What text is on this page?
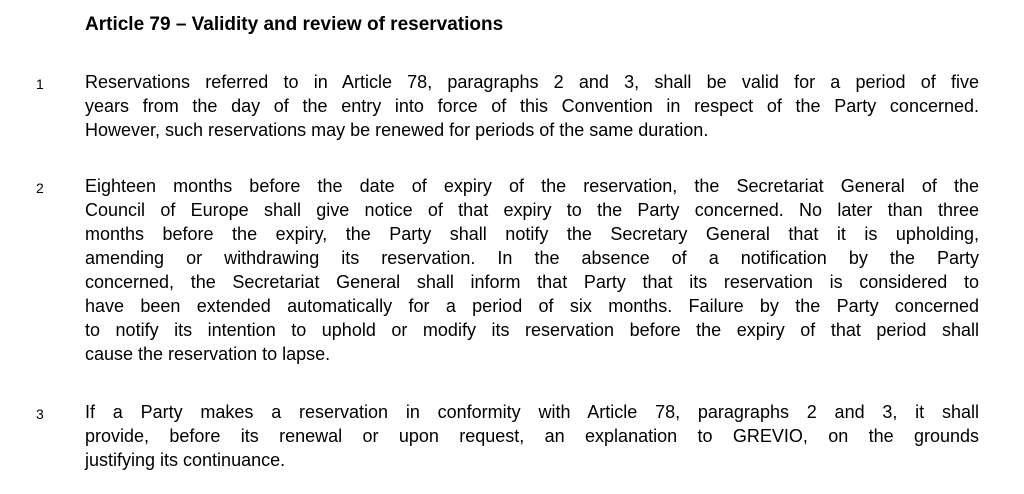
Article 79 – Validity and review of reservations
1 Reservations referred to in Article 78, paragraphs 2 and 3, shall be valid for a period of five
years from the day of the entry into force of this Convention in respect of the Party concerned.
However, such reservations may be renewed for periods of the same duration.
2 Eighteen months before the date of expiry of the reservation, the Secretariat General of the
Council of Europe shall give notice of that expiry to the Party concerned. No later than three
months before the expiry, the Party shall notify the Secretary General that it is upholding,
amending or withdrawing its reservation. In the absence of a notification by the Party
concerned, the Secretariat General shall inform that Party that its reservation is considered to
have been extended automatically for a period of six months. Failure by the Party concerned
to notify its intention to uphold or modify its reservation before the expiry of that period shall
cause the reservation to lapse.
3 If a Party makes a reservation in conformity with Article 78, paragraphs 2 and 3, it shall
provide, before its renewal or upon request, an explanation to GREVIO, on the grounds
justifying its continuance.
